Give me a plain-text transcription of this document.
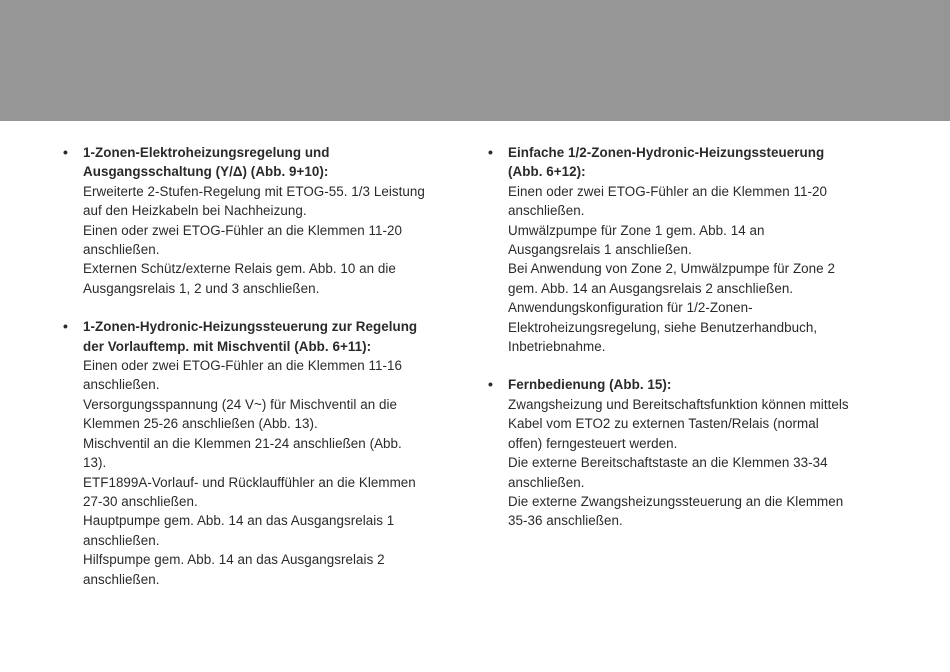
• 1-Zonen-Elektroheizungsregelung und
Ausgangsschaltung (Y/Δ) (Abb. 9+10):
Erweiterte 2-Stufen-Regelung mit ETOG-55. 1/3 Leistung
auf den Heizkabeln bei Nachheizung.
Einen oder zwei ETOG-Fühler an die Klemmen 11-20
anschließen.
Externen Schütz/externe Relais gem. Abb. 10 an die
Ausgangsrelais 1, 2 und 3 anschließen.
• 1-Zonen-Hydronic-Heizungssteuerung zur Regelung
der Vorlauftemp. mit Mischventil (Abb. 6+11):
Einen oder zwei ETOG-Fühler an die Klemmen 11-16
anschließen.
Versorgungsspannung (24 V~) für Mischventil an die
Klemmen 25-26 anschließen (Abb. 13).
Mischventil an die Klemmen 21-24 anschließen (Abb.
13).
ETF1899A-Vorlauf- und Rücklauffühler an die Klemmen
27-30 anschließen.
Hauptpumpe gem. Abb. 14 an das Ausgangsrelais 1
anschließen.
Hilfspumpe gem. Abb. 14 an das Ausgangsrelais 2
anschließen.
• Einfache 1/2-Zonen-Hydronic-Heizungssteuerung
(Abb. 6+12):
Einen oder zwei ETOG-Fühler an die Klemmen 11-20
anschließen.
Umwälzpumpe für Zone 1 gem. Abb. 14 an
Ausgangsrelais 1 anschließen.
Bei Anwendung von Zone 2, Umwälzpumpe für Zone 2
gem. Abb. 14 an Ausgangsrelais 2 anschließen.
Anwendungskonfiguration für 1/2-Zonen-
Elektroheizungsregelung, siehe Benutzerhandbuch,
Inbetriebnahme.
• Fernbedienung (Abb. 15):
Zwangsheizung und Bereitschaftsfunktion können mittels
Kabel vom ETO2 zu externen Tasten/Relais (normal
offen) ferngesteuert werden.
Die externe Bereitschaftstaste an die Klemmen 33-34
anschließen.
Die externe Zwangsheizungssteuerung an die Klemmen
35-36 anschließen.
